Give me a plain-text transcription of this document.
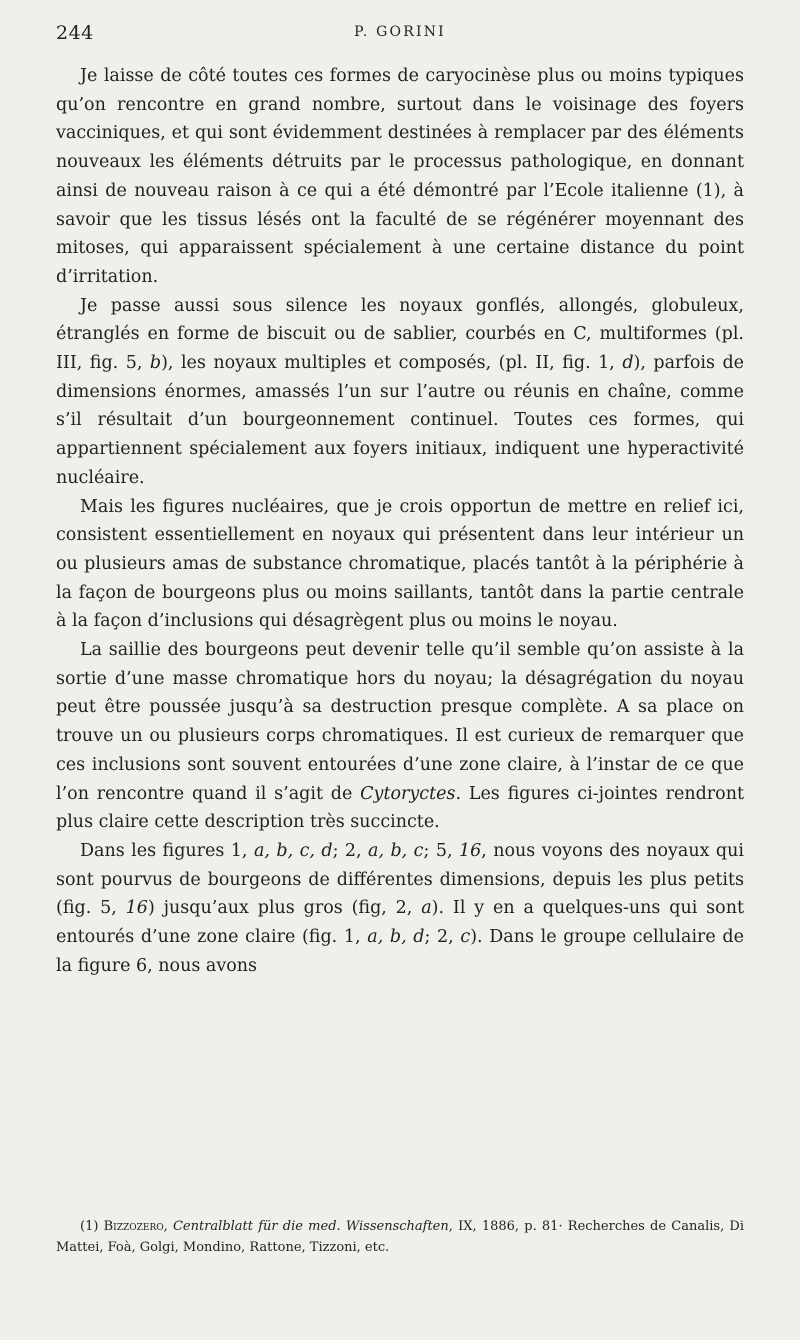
244	P. GORINI

Je laisse de côté toutes ces formes de caryocinèse plus ou moins typiques qu’on rencontre en grand nombre, surtout dans le voisinage des foyers vacciniques, et qui sont évidemment destinées à remplacer par des éléments nouveaux les éléments détruits par le processus pathologique, en donnant ainsi de nouveau raison à ce qui a été démontré par l’Ecole italienne (1), à savoir que les tissus lésés ont la faculté de se régénérer moyennant des mitoses, qui apparaissent spécialement à une certaine distance du point d’irritation.

Je passe aussi sous silence les noyaux gonflés, allongés, globuleux, étranglés en forme de biscuit ou de sablier, courbés en C, multiformes (pl. III, fig. 5, b), les noyaux multiples et composés, (pl. II, fig. 1, d), parfois de dimensions énormes, amassés l’un sur l’autre ou réunis en chaîne, comme s’il résultait d’un bourgeonnement continuel. Toutes ces formes, qui appartiennent spécialement aux foyers initiaux, indiquent une hyperactivité nucléaire.

Mais les figures nucléaires, que je crois opportun de mettre en relief ici, consistent essentiellement en noyaux qui présentent dans leur intérieur un ou plusieurs amas de substance chromatique, placés tantôt à la périphérie à la façon de bourgeons plus ou moins saillants, tantôt dans la partie centrale à la façon d’inclusions qui désagrègent plus ou moins le noyau.

La saillie des bourgeons peut devenir telle qu’il semble qu’on assiste à la sortie d’une masse chromatique hors du noyau; la désagrégation du noyau peut être poussée jusqu’à sa destruction presque complète. A sa place on trouve un ou plusieurs corps chromatiques. Il est curieux de remarquer que ces inclusions sont souvent entourées d’une zone claire, à l’instar de ce que l’on rencontre quand il s’agit de Cytoryctes. Les figures ci-jointes rendront plus claire cette description très succincte.

Dans les figures 1, a, b, c, d; 2, a, b, c; 5, 16, nous voyons des noyaux qui sont pourvus de bourgeons de différentes dimensions, depuis les plus petits (fig. 5, 16) jusqu’aux plus gros (fig, 2, a). Il y en a quelques-uns qui sont entourés d’une zone claire (fig. 1, a, b, d; 2, c). Dans le groupe cellulaire de la figure 6, nous avons

(1) Bizzozero, Centralblatt für die med. Wissenschaften, IX, 1886, p. 81· Recherches de Canalis, Di Mattei, Foà, Golgi, Mondino, Rattone, Tizzoni, etc.
